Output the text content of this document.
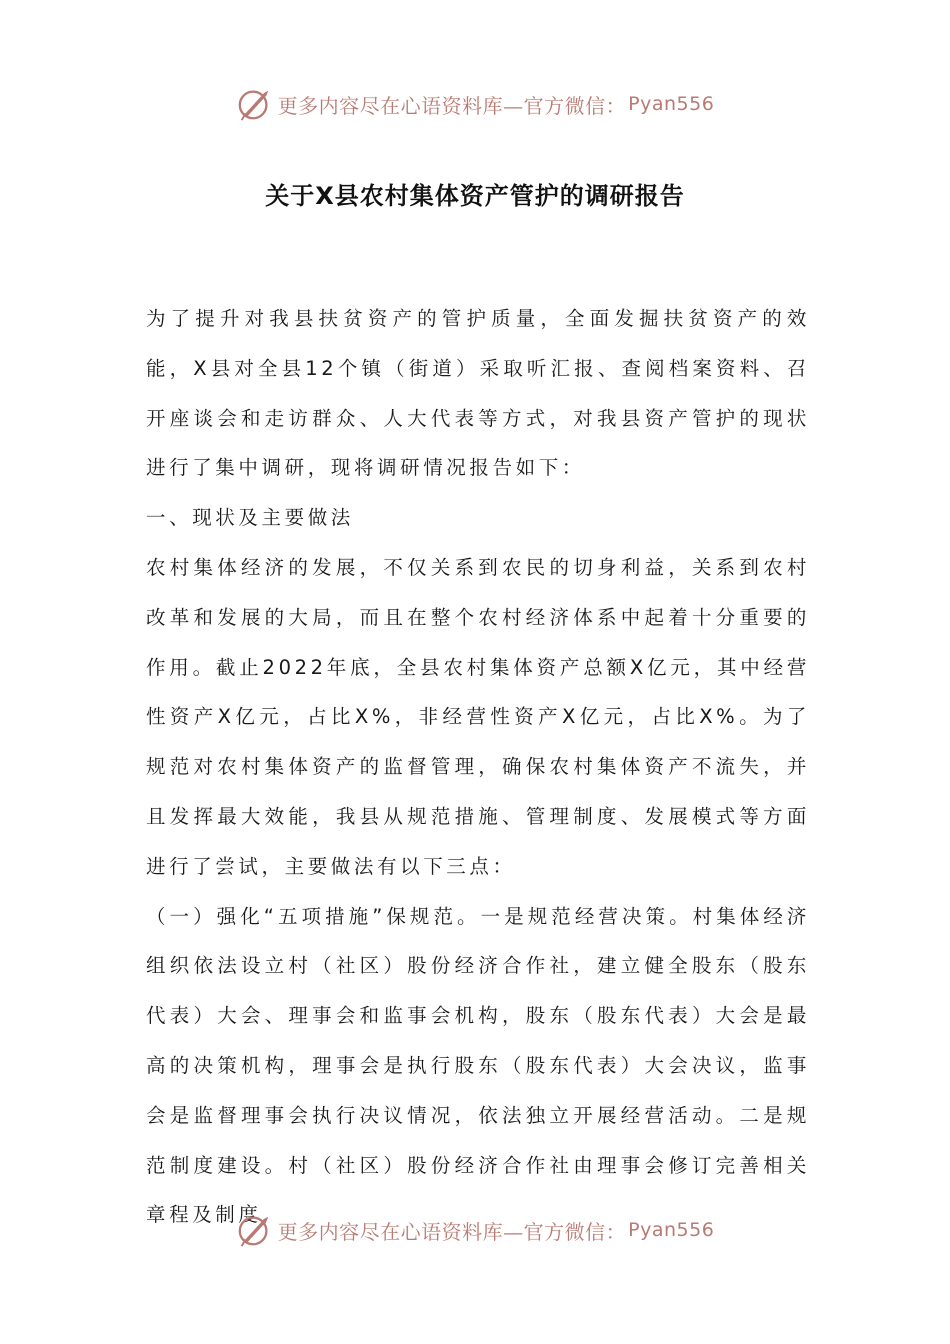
更多内容尽在心语资料库—官方微信： Pyan556
关于X县农村集体资产管护的调研报告

为了提升对我县扶贫资产的管护质量，全面发掘扶贫资产的效能，X县对全县12个镇（街道）采取听汇报、查阅档案资料、召开座谈会和走访群众、人大代表等方式，对我县资产管护的现状进行了集中调研，现将调研情况报告如下：

一、现状及主要做法

农村集体经济的发展，不仅关系到农民的切身利益，关系到农村改革和发展的大局，而且在整个农村经济体系中起着十分重要的作用。截止2022年底，全县农村集体资产总额X亿元，其中经营性资产X亿元，占比X%，非经营性资产X亿元，占比X%。为了规范对农村集体资产的监督管理，确保农村集体资产不流失，并且发挥最大效能，我县从规范措施、管理制度、发展模式等方面进行了尝试，主要做法有以下三点：

（一）强化“五项措施”保规范。一是规范经营决策。村集体经济组织依法设立村（社区）股份经济合作社，建立健全股东（股东代表）大会、理事会和监事会机构，股东（股东代表）大会是最高的决策机构，理事会是执行股东（股东代表）大会决议，监事会是监督理事会执行决议情况，依法独立开展经营活动。二是规范制度建设。村（社区）股份经济合作社由理事会修订完善相关章程及制度，

更多内容尽在心语资料库—官方微信： Pyan556
